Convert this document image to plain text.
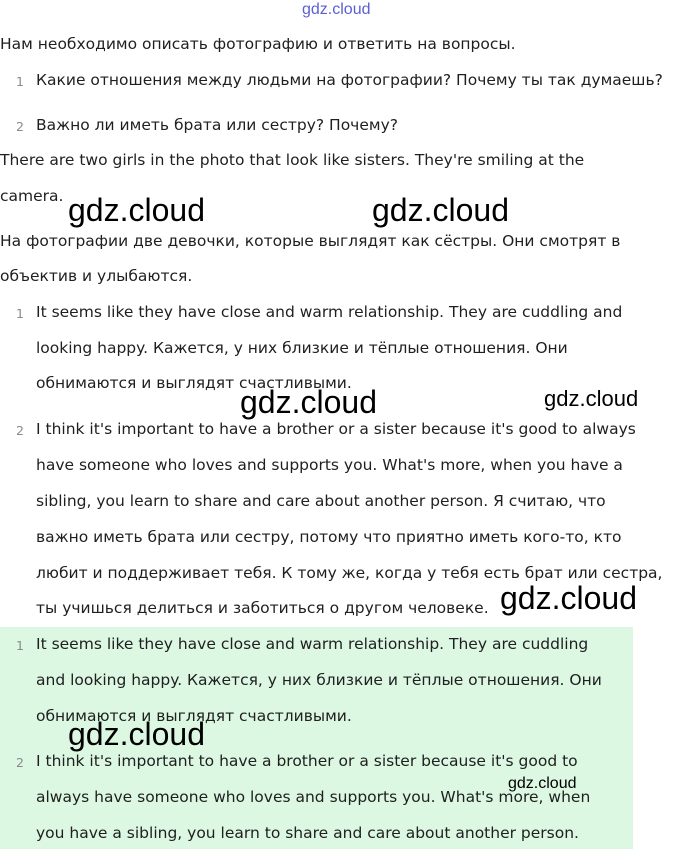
gdz.cloud
Нам необходимо описать фотографию и ответить на вопросы.
1 Какие отношения между людьми на фотографии? Почему ты так думаешь?
2 Важно ли иметь брата или сестру? Почему?
There are two girls in the photo that look like sisters. They're smiling at the
camera.
На фотографии две девочки, которые выглядят как сёстры. Они смотрят в
объектив и улыбаются.
1 It seems like they have close and warm relationship. They are cuddling and
looking happy. Кажется, у них близкие и тёплые отношения. Они
обнимаются и выглядят счастливыми.
2 I think it's important to have a brother or a sister because it's good to always
have someone who loves and supports you. What's more, when you have a
sibling, you learn to share and care about another person. Я считаю, что
важно иметь брата или сестру, потому что приятно иметь кого-то, кто
любит и поддерживает тебя. К тому же, когда у тебя есть брат или сестра,
ты учишься делиться и заботиться о другом человеке.
1 It seems like they have close and warm relationship. They are cuddling
and looking happy. Кажется, у них близкие и тёплые отношения. Они
обнимаются и выглядят счастливыми.
2 I think it's important to have a brother or a sister because it's good to
always have someone who loves and supports you. What's more, when
you have a sibling, you learn to share and care about another person.
gdz.cloud	gdz.cloud
gdz.cloud	gdz.cloud
gdz.cloud
gdz.cloud
gdz.cloud
